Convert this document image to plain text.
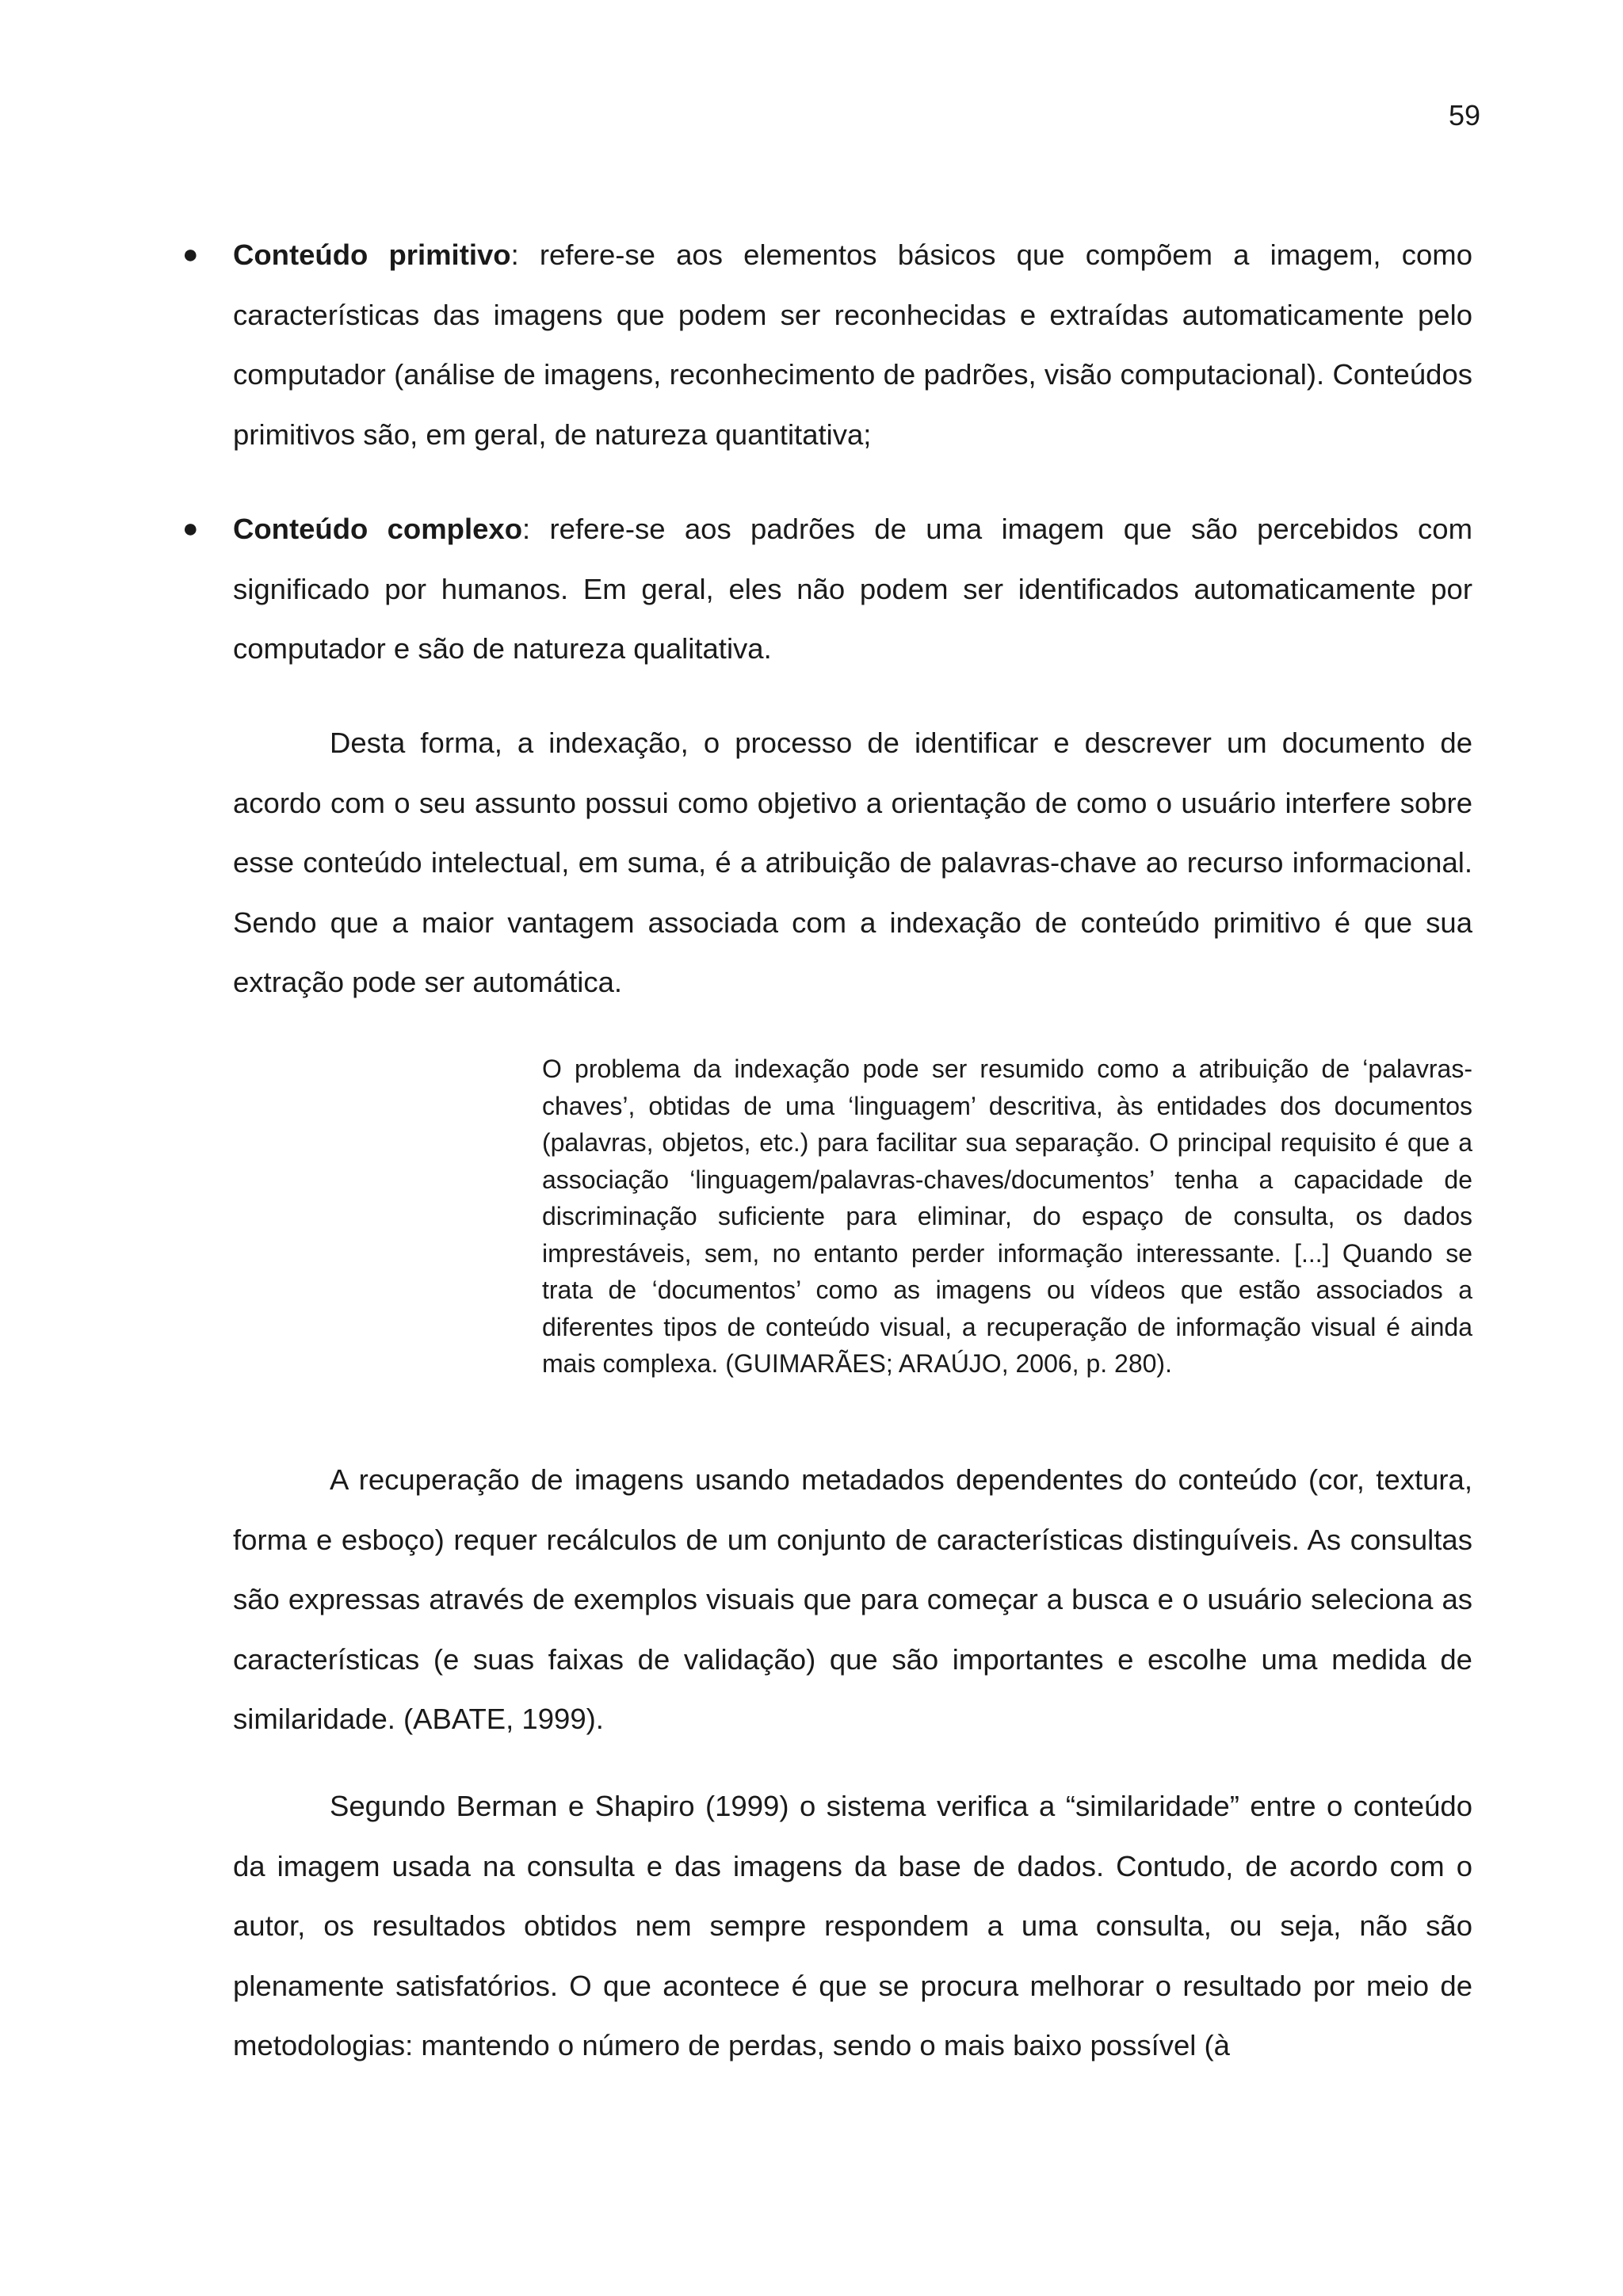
59
● Conteúdo primitivo: refere-se aos elementos básicos que compõem a imagem, como características das imagens que podem ser reconhecidas e extraídas automaticamente pelo computador (análise de imagens, reconhecimento de padrões, visão computacional). Conteúdos primitivos são, em geral, de natureza quantitativa;
● Conteúdo complexo: refere-se aos padrões de uma imagem que são percebidos com significado por humanos. Em geral, eles não podem ser identificados automaticamente por computador e são de natureza qualitativa.

Desta forma, a indexação, o processo de identificar e descrever um documento de acordo com o seu assunto possui como objetivo a orientação de como o usuário interfere sobre esse conteúdo intelectual, em suma, é a atribuição de palavras-chave ao recurso informacional. Sendo que a maior vantagem associada com a indexação de conteúdo primitivo é que sua extração pode ser automática.

O problema da indexação pode ser resumido como a atribuição de ‘palavras-chaves’, obtidas de uma ‘linguagem’ descritiva, às entidades dos documentos (palavras, objetos, etc.) para facilitar sua separação. O principal requisito é que a associação ‘linguagem/palavras-chaves/documentos’ tenha a capacidade de discriminação suficiente para eliminar, do espaço de consulta, os dados imprestáveis, sem, no entanto perder informação interessante. [...] Quando se trata de ‘documentos’ como as imagens ou vídeos que estão associados a diferentes tipos de conteúdo visual, a recuperação de informação visual é ainda mais complexa. (GUIMARÃES; ARAÚJO, 2006, p. 280).

A recuperação de imagens usando metadados dependentes do conteúdo (cor, textura, forma e esboço) requer recálculos de um conjunto de características distinguíveis. As consultas são expressas através de exemplos visuais que para começar a busca e o usuário seleciona as características (e suas faixas de validação) que são importantes e escolhe uma medida de similaridade. (ABATE, 1999).

Segundo Berman e Shapiro (1999) o sistema verifica a “similaridade” entre o conteúdo da imagem usada na consulta e das imagens da base de dados. Contudo, de acordo com o autor, os resultados obtidos nem sempre respondem a uma consulta, ou seja, não são plenamente satisfatórios. O que acontece é que se procura melhorar o resultado por meio de metodologias: mantendo o número de perdas, sendo o mais baixo possível (à
